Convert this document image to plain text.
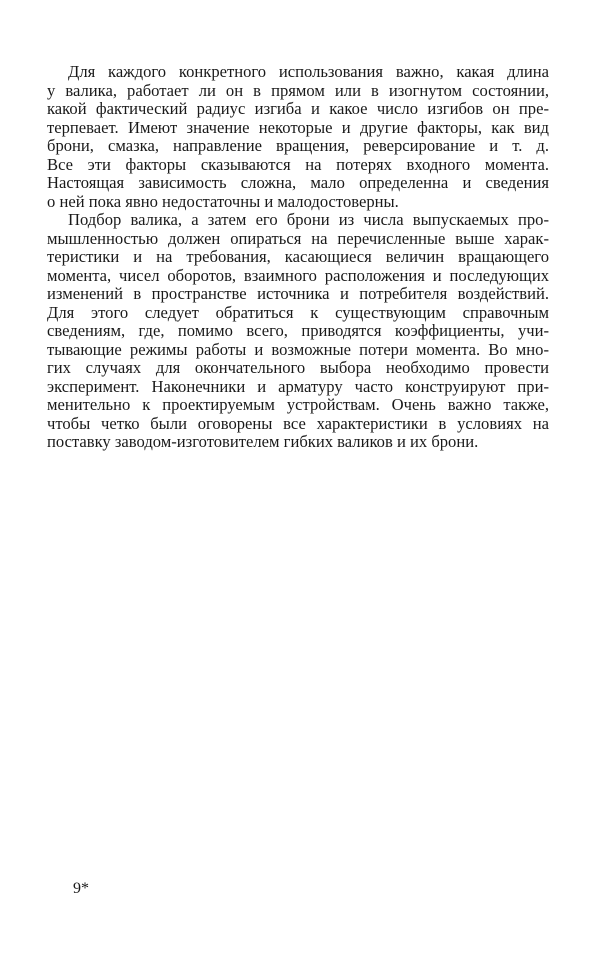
Для каждого конкретного использования важно, какая длина
у валика, работает ли он в прямом или в изогнутом состоянии,
какой фактический радиус изгиба и какое число изгибов он пре-
терпевает. Имеют значение некоторые и другие факторы, как вид
брони, смазка, направление вращения, реверсирование и т. д.
Все эти факторы сказываются на потерях входного момента.
Настоящая зависимость сложна, мало определенна и сведения
о ней пока явно недостаточны и малодостоверны.
Подбор валика, а затем его брони из числа выпускаемых про-
мышленностью должен опираться на перечисленные выше харак-
теристики и на требования, касающиеся величин вращающего
момента, чисел оборотов, взаимного расположения и последующих
изменений в пространстве источника и потребителя воздействий.
Для этого следует обратиться к существующим справочным
сведениям, где, помимо всего, приводятся коэффициенты, учи-
тывающие режимы работы и возможные потери момента. Во мно-
гих случаях для окончательного выбора необходимо провести
эксперимент. Наконечники и арматуру часто конструируют при-
менительно к проектируемым устройствам. Очень важно также,
чтобы четко были оговорены все характеристики в условиях на
поставку заводом-изготовителем гибких валиков и их брони.
9*
